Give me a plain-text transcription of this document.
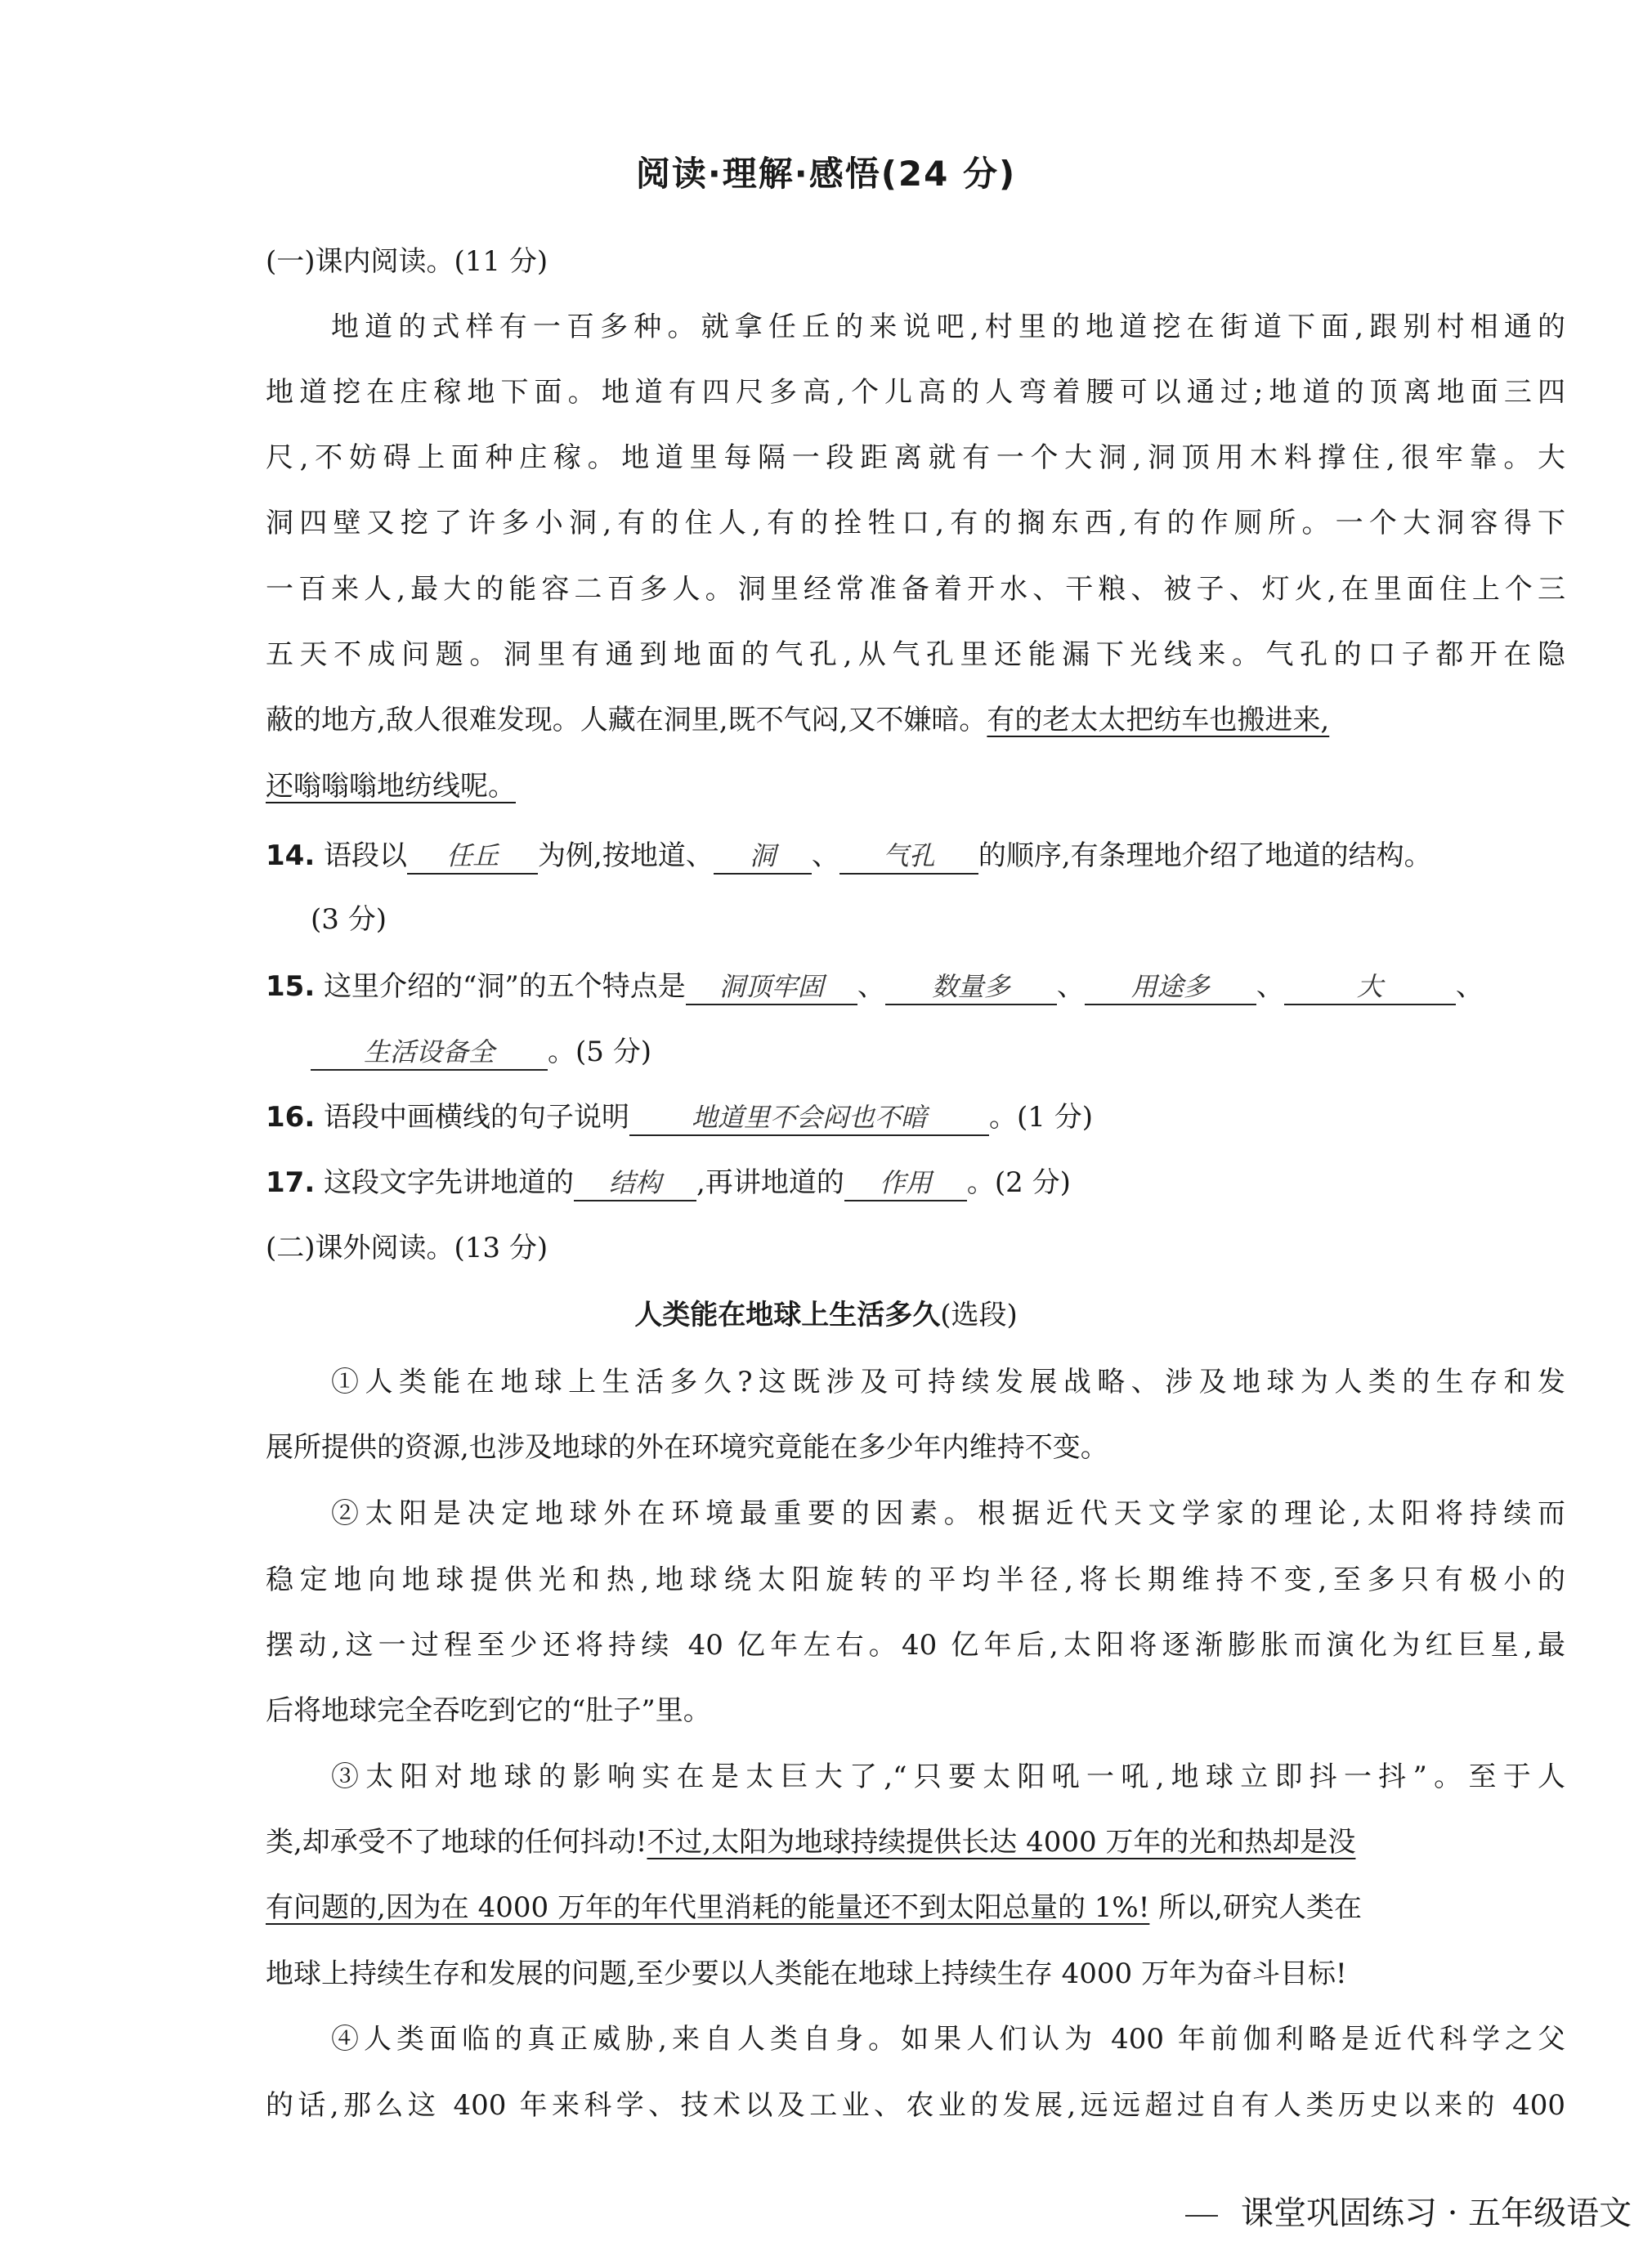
阅读·理解·感悟(24 分)
(一)课内阅读。(11 分)
地道的式样有一百多种。就拿任丘的来说吧,村里的地道挖在街道下面,跟别村相通的
地道挖在庄稼地下面。地道有四尺多高,个儿高的人弯着腰可以通过;地道的顶离地面三四
尺,不妨碍上面种庄稼。地道里每隔一段距离就有一个大洞,洞顶用木料撑住,很牢靠。大
洞四壁又挖了许多小洞,有的住人,有的拴牲口,有的搁东西,有的作厕所。一个大洞容得下
一百来人,最大的能容二百多人。洞里经常准备着开水、干粮、被子、灯火,在里面住上个三
五天不成问题。洞里有通到地面的气孔,从气孔里还能漏下光线来。气孔的口子都开在隐
蔽的地方,敌人很难发现。人藏在洞里,既不气闷,又不嫌暗。有的老太太把纺车也搬进来,
还嗡嗡嗡地纺线呢。
14. 语段以 任丘 为例,按地道、 洞 、 气孔 的顺序,有条理地介绍了地道的结构。
(3 分)
15. 这里介绍的“洞”的五个特点是 洞顶牢固 、 数量多 、 用途多 、	大	、
生活设备全 。(5 分)
16. 语段中画横线的句子说明 地道里不会闷也不暗 。(1 分)
17. 这段文字先讲地道的 结构 ,再讲地道的 作用 。(2 分)
(二)课外阅读。(13 分)
人类能在地球上生活多久(选段)
①人类能在地球上生活多久?这既涉及可持续发展战略、涉及地球为人类的生存和发
展所提供的资源,也涉及地球的外在环境究竟能在多少年内维持不变。
②太阳是决定地球外在环境最重要的因素。根据近代天文学家的理论,太阳将持续而
稳定地向地球提供光和热,地球绕太阳旋转的平均半径,将长期维持不变,至多只有极小的
摆动,这一过程至少还将持续 40 亿年左右。40 亿年后,太阳将逐渐膨胀而演化为红巨星,最
后将地球完全吞吃到它的“肚子”里。
③太阳对地球的影响实在是太巨大了,“只要太阳吼一吼,地球立即抖一抖”。至于人
类,却承受不了地球的任何抖动!不过,太阳为地球持续提供长达 4000 万年的光和热却是没
有问题的,因为在 4000 万年的年代里消耗的能量还不到太阳总量的 1%! 所以,研究人类在
地球上持续生存和发展的问题,至少要以人类能在地球上持续生存 4000 万年为奋斗目标!
④人类面临的真正威胁,来自人类自身。如果人们认为 400 年前伽利略是近代科学之父
的话,那么这 400 年来科学、技术以及工业、农业的发展,远远超过自有人类历史以来的 400
课堂巩固练习 · 五年级语文
